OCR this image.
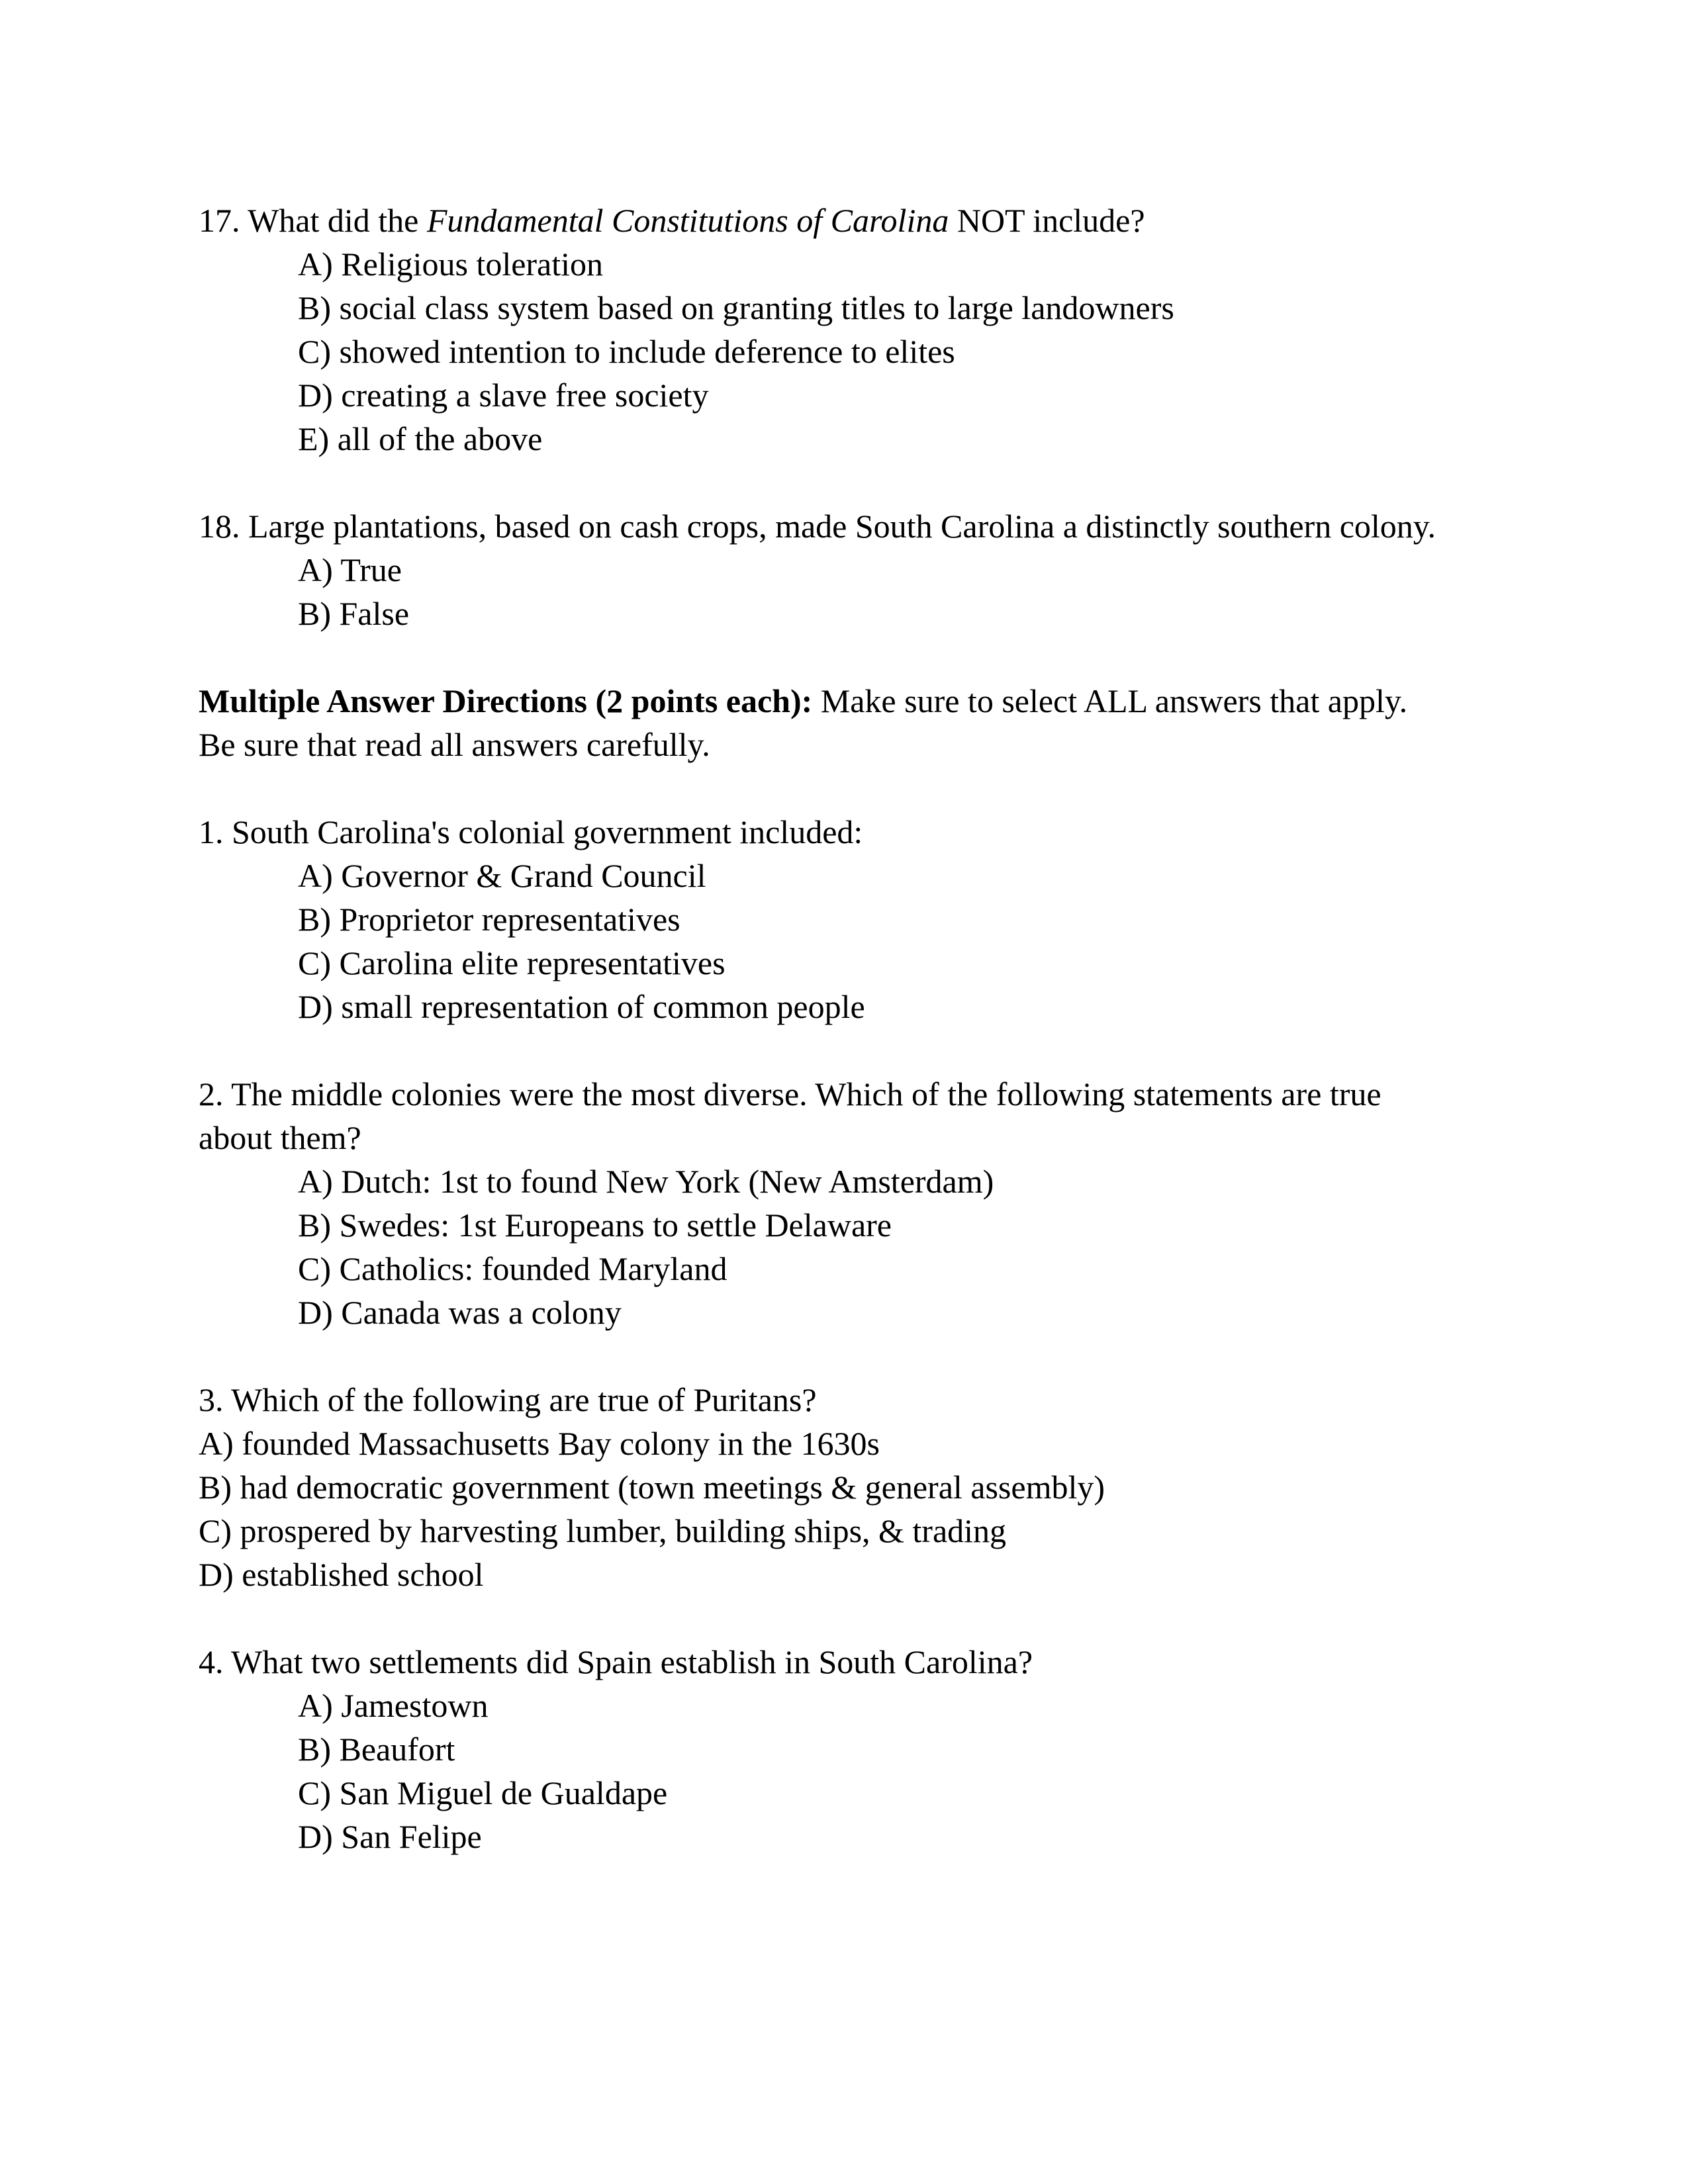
17. What did the Fundamental Constitutions of Carolina NOT include?

A) Religious toleration

B) social class system based on granting titles to large landowners

C) showed intention to include deference to elites

D) creating a slave free society

E) all of the above

18. Large plantations, based on cash crops, made South Carolina a distinctly southern colony.

A) True

B) False

Multiple Answer Directions (2 points each): Make sure to select ALL answers that apply. Be sure that read all answers carefully.

1. South Carolina's colonial government included:

A) Governor & Grand Council

B) Proprietor representatives

C) Carolina elite representatives

D) small representation of common people

2. The middle colonies were the most diverse. Which of the following statements are true about them?

A) Dutch: 1st to found New York (New Amsterdam)

B) Swedes: 1st Europeans to settle Delaware

C) Catholics: founded Maryland

D) Canada was a colony

3. Which of the following are true of Puritans?

A) founded Massachusetts Bay colony in the 1630s

B) had democratic government (town meetings & general assembly)

C) prospered by harvesting lumber, building ships, & trading

D) established school

4. What two settlements did Spain establish in South Carolina?

A) Jamestown

B) Beaufort

C) San Miguel de Gualdape

D) San Felipe
